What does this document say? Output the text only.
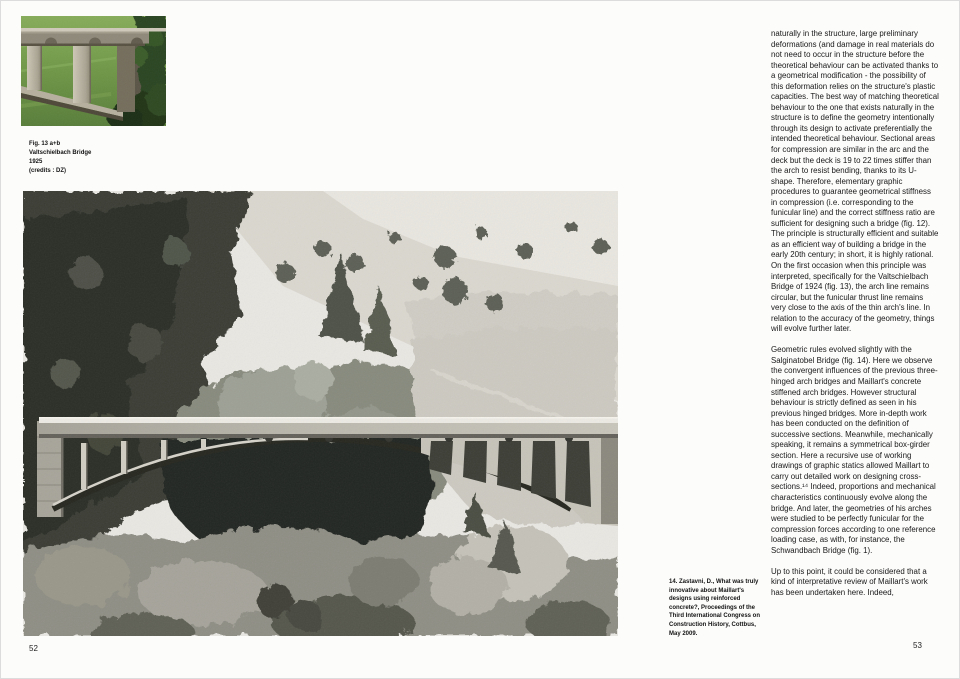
Fig. 13 a+b
Valtschielbach Bridge
1925
(credits : DZ)
14. Zastavni, D., What was truly innovative about Maillart's designs using reinforced concrete?, Proceedings of the Third International Congress on Construction History, Cottbus, May 2009.

naturally in the structure, large preliminary deformations (and damage in real materials do not need to occur in the structure before the theoretical behaviour can be activated thanks to a geometrical modification - the possibility of this deformation relies on the structure's plastic capacities. The best way of matching theoretical behaviour to the one that exists naturally in the structure is to define the geometry intentionally through its design to activate preferentially the intended theoretical behaviour. Sectional areas for compression are similar in the arc and the deck but the deck is 19 to 22 times stiffer than the arch to resist bending, thanks to its U-shape. Therefore, elementary graphic procedures to guarantee geometrical stiffness in compression (i.e. corresponding to the funicular line) and the correct stiffness ratio are sufficient for designing such a bridge (fig. 12). The principle is structurally efficient and suitable as an efficient way of building a bridge in the early 20th century; in short, it is highly rational. On the first occasion when this principle was interpreted, specifically for the Valtschielbach Bridge of 1924 (fig. 13), the arch line remains circular, but the funicular thrust line remains very close to the axis of the thin arch's line. In relation to the accuracy of the geometry, things will evolve further later.

Geometric rules evolved slightly with the Salginatobel Bridge (fig. 14). Here we observe the convergent influences of the previous three-hinged arch bridges and Maillart's concrete stiffened arch bridges. However structural behaviour is strictly defined as seen in his previous hinged bridges. More in-depth work has been conducted on the definition of successive sections. Meanwhile, mechanically speaking, it remains a symmetrical box-girder section. Here a recursive use of working drawings of graphic statics allowed Maillart to carry out detailed work on designing cross-sections.¹⁴ Indeed, proportions and mechanical characteristics continuously evolve along the bridge. And later, the geometries of his arches were studied to be perfectly funicular for the compression forces according to one reference loading case, as with, for instance, the Schwandbach Bridge (fig. 1).

Up to this point, it could be considered that a kind of interpretative review of Maillart's work has been undertaken here. Indeed,

52	53
